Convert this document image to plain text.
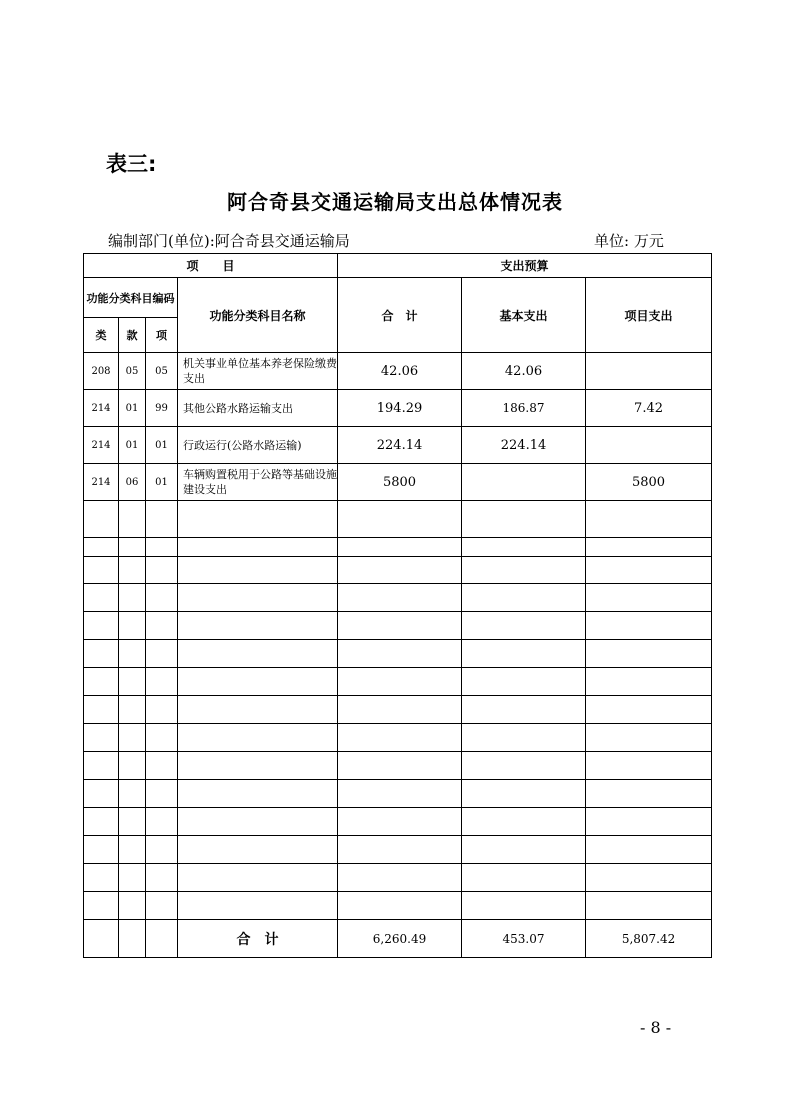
表三:
阿合奇县交通运输局支出总体情况表
编制部门(单位):阿合奇县交通运输局	单位: 万元
项　　目				支出预算		
功能分类科目编码			功能分类科目名称	合　计	基本支出	项目支出
类	款	项				
208	05	05	机关事业单位基本养老保险缴费支出	42.06	42.06	
214	01	99	其他公路水路运输支出	194.29	186.87	7.42
214	01	01	行政运行(公路水路运输)	224.14	224.14	
214	06	01	车辆购置税用于公路等基础设施建设支出	5800		5800

			合　计	6,260.49	453.07	5,807.42
- 8 -
